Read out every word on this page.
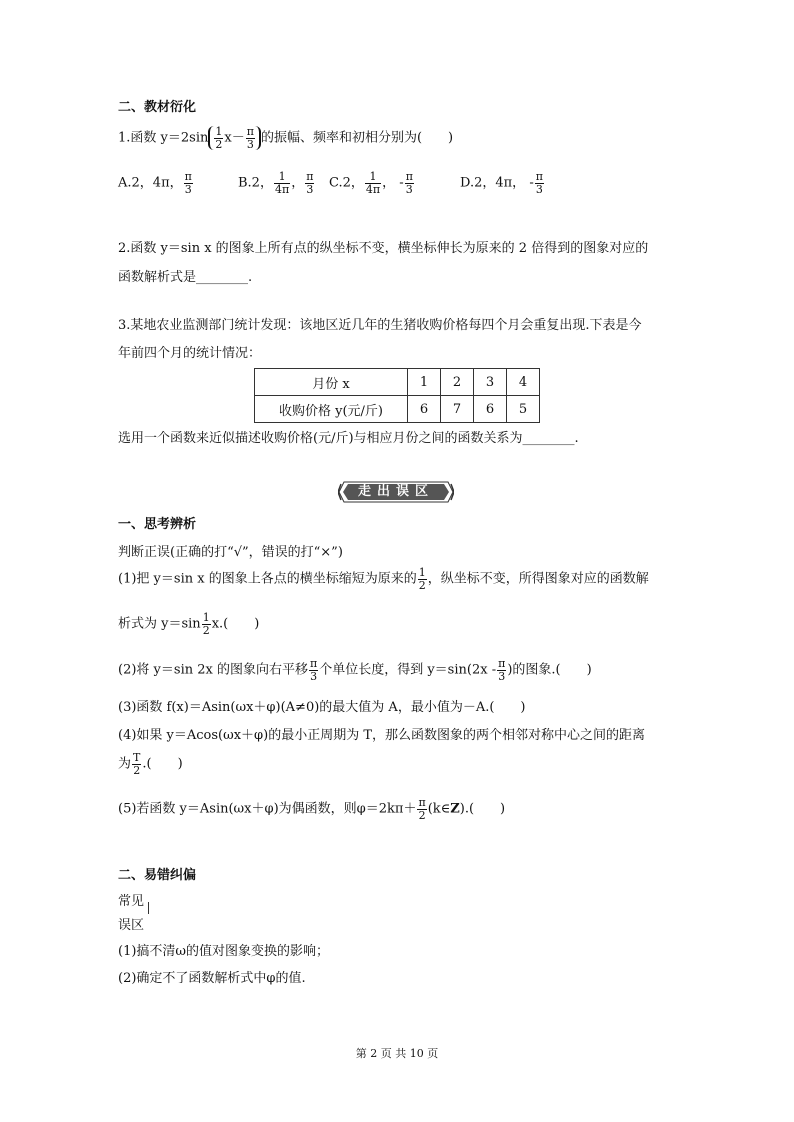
二、教材衍化
1.函数 $y=2\sin \frac{1}{2} x- \frac{\pi}{3}$ 的振幅、频率和初相分别为(　　)
A.2，4π， $\frac{\pi}{3}$	B.2， $\frac{1}{4\pi}$ ， $\frac{\pi}{3} C.2$， $\frac{1}{4\pi}$ ， - $\frac{\pi}{3}$	D.2，4π， - $\frac{\pi}{3}$
2.函数 y＝sin x 的图象上所有点的纵坐标不变，横坐标伸长为原来的 2 倍得到的图象对应的
函数解析式是________.
3.某地农业监测部门统计发现：该地区近几年的生猪收购价格每四个月会重复出现.下表是今
年前四个月的统计情况：
月份 x	1	2	3	4
收购价格 y(元/斤)	6	7	6	5
选用一个函数来近似描述收购价格(元/斤)与相应月份之间的函数关系为________.
走出误区
一、思考辨析
判断正误(正确的打“√”，错误的打“×”)
(1)把 y＝sin x 的图象上各点的横坐标缩短为原来的 $\frac{1}{2}$ ，纵坐标不变，所得图象对应的函数解
析式为 $y=\sin \frac{1}{2} x$.(　　)
(2)将 y＝sin 2x 的图象向右平移 $\frac{\pi}{3}$ 个单位长度，得到 $y=\sin(2x - \frac{\pi}{3}$ )的图象.(　　)
(3)函数 f(x)＝Asin(ωx＋φ)(A≠0)的最大值为 A，最小值为－A.(　　)
(4)如果 y＝Acos(ωx＋φ)的最小正周期为 T，那么函数图象的两个相邻对称中心之间的距离
为 $\frac{T}{2}$ .(　　)
(5)若函数 y＝Asin(ωx＋φ)为偶函数，则$\varphi=2k\pi+ \frac{\pi}{2}$ (k∈Z).(　　)
二、易错纠偏
常见
误区
(1)搞不清ω的值对图象变换的影响；
(2)确定不了函数解析式中φ的值.
第 2 页 共 10 页
